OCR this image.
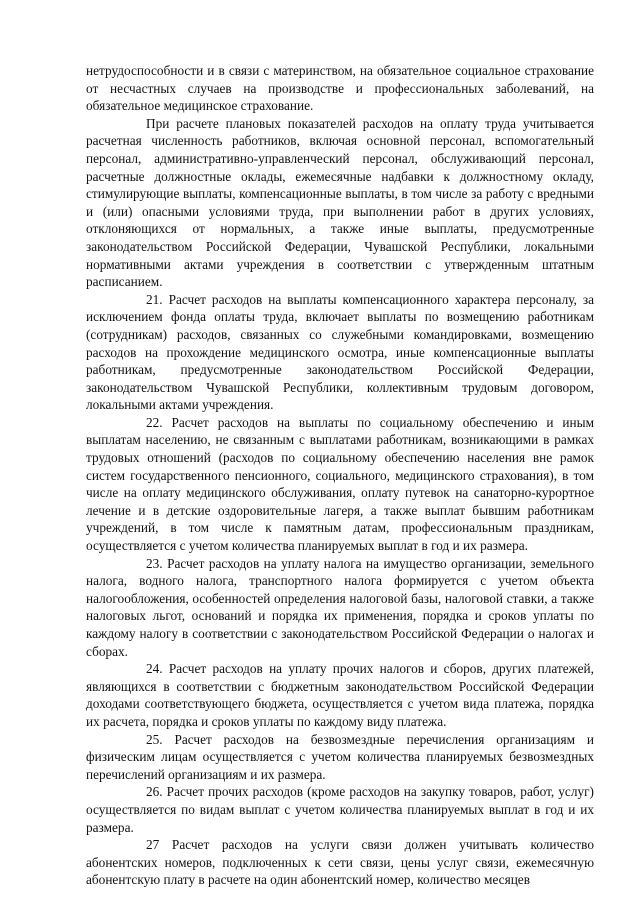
нетрудоспособности и в связи с материнством, на обязательное социальное страхование от несчастных случаев на производстве и профессиональных заболеваний, на обязательное медицинское страхование.

При расчете плановых показателей расходов на оплату труда учитывается расчетная численность работников, включая основной персонал, вспомогательный персонал, административно-управленческий персонал, обслуживающий персонал, расчетные должностные оклады, ежемесячные надбавки к должностному окладу, стимулирующие выплаты, компенсационные выплаты, в том числе за работу с вредными и (или) опасными условиями труда, при выполнении работ в других условиях, отклоняющихся от нормальных, а также иные выплаты, предусмотренные законодательством Российской Федерации, Чувашской Республики, локальными нормативными актами учреждения в соответствии с утвержденным штатным расписанием.

21. Расчет расходов на выплаты компенсационного характера персоналу, за исключением фонда оплаты труда, включает выплаты по возмещению работникам (сотрудникам) расходов, связанных со служебными командировками, возмещению расходов на прохождение медицинского осмотра, иные компенсационные выплаты работникам, предусмотренные законодательством Российской Федерации, законодательством Чувашской Республики, коллективным трудовым договором, локальными актами учреждения.

22. Расчет расходов на выплаты по социальному обеспечению и иным выплатам населению, не связанным с выплатами работникам, возникающими в рамках трудовых отношений (расходов по социальному обеспечению населения вне рамок систем государственного пенсионного, социального, медицинского страхования), в том числе на оплату медицинского обслуживания, оплату путевок на санаторно-курортное лечение и в детские оздоровительные лагеря, а также выплат бывшим работникам учреждений, в том числе к памятным датам, профессиональным праздникам, осуществляется с учетом количества планируемых выплат в год и их размера.

23. Расчет расходов на уплату налога на имущество организации, земельного налога, водного налога, транспортного налога формируется с учетом объекта налогообложения, особенностей определения налоговой базы, налоговой ставки, а также налоговых льгот, оснований и порядка их применения, порядка и сроков уплаты по каждому налогу в соответствии с законодательством Российской Федерации о налогах и сборах.

24. Расчет расходов на уплату прочих налогов и сборов, других платежей, являющихся в соответствии с бюджетным законодательством Российской Федерации доходами соответствующего бюджета, осуществляется с учетом вида платежа, порядка их расчета, порядка и сроков уплаты по каждому виду платежа.

25. Расчет расходов на безвозмездные перечисления организациям и физическим лицам осуществляется с учетом количества планируемых безвозмездных перечислений организациям и их размера.

26. Расчет прочих расходов (кроме расходов на закупку товаров, работ, услуг) осуществляется по видам выплат с учетом количества планируемых выплат в год и их размера.

27 Расчет расходов на услуги связи должен учитывать количество абонентских номеров, подключенных к сети связи, цены услуг связи, ежемесячную абонентскую плату в расчете на один абонентский номер, количество месяцев
